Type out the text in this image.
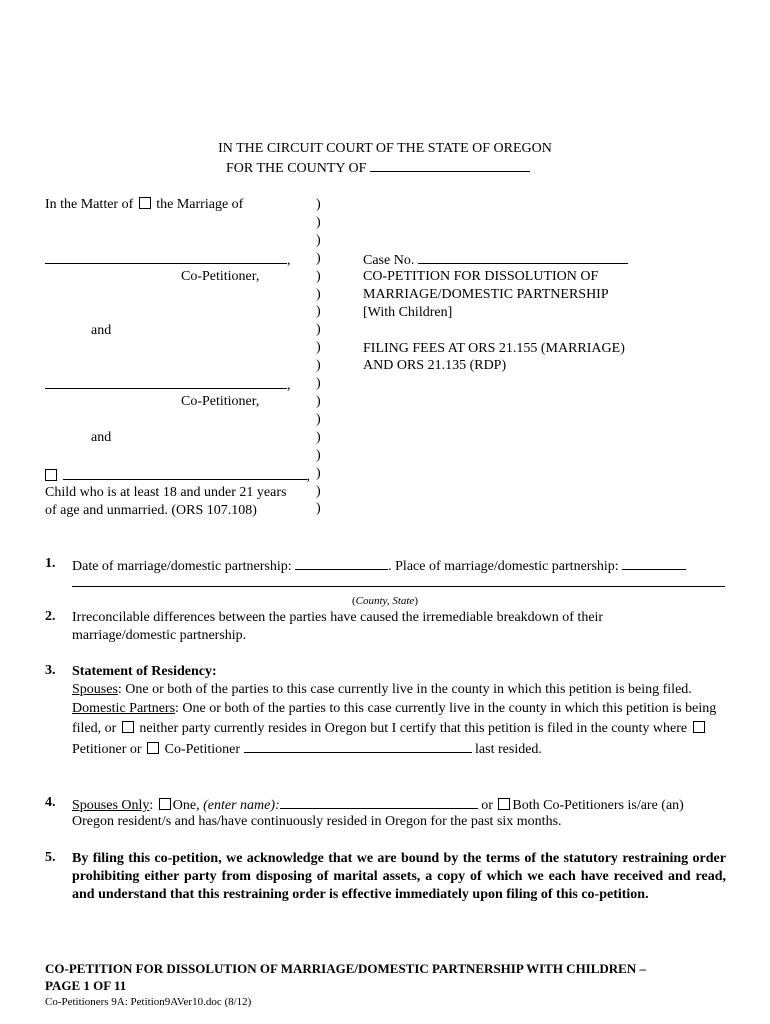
IN THE CIRCUIT COURT OF THE STATE OF OREGON
FOR THE COUNTY OF
In the Matter of the Marriage of
,
Co-Petitioner,
and
,
Co-Petitioner,
and
,
Child who is at least 18 and under 21 years
of age and unmarried. (ORS 107.108)
)
)
)
)
)
)
)
)
)
)
)
)
)
)
)
)
)
)
Case No.
CO-PETITION FOR DISSOLUTION OF
MARRIAGE/DOMESTIC PARTNERSHIP
[With Children]
FILING FEES AT ORS 21.155 (MARRIAGE)
AND ORS 21.135 (RDP)
1. Date of marriage/domestic partnership:	. Place of marriage/domestic partnership:
(County, State)
2. Irreconcilable differences between the parties have caused the irremediable breakdown of their marriage/domestic partnership.
3. Statement of Residency:
Spouses: One or both of the parties to this case currently live in the county in which this petition is being filed.
Domestic Partners: One or both of the parties to this case currently live in the county in which this petition is being filed, or neither party currently resides in Oregon but I certify that this petition is filed in the county where  Petitioner or Co-Petitioner	last resided.
4. Spouses Only: One, (enter name):	or Both Co-Petitioners is/are (an)
Oregon resident/s and has/have continuously resided in Oregon for the past six months.
5. By filing this co-petition, we acknowledge that we are bound by the terms of the statutory restraining order prohibiting either party from disposing of marital assets, a copy of which we each have received and read, and understand that this restraining order is effective immediately upon filing of this co-petition.
CO-PETITION FOR DISSOLUTION OF MARRIAGE/DOMESTIC PARTNERSHIP WITH CHILDREN –
PAGE 1 OF 11
Co-Petitioners 9A: Petition9AVer10.doc (8/12)
